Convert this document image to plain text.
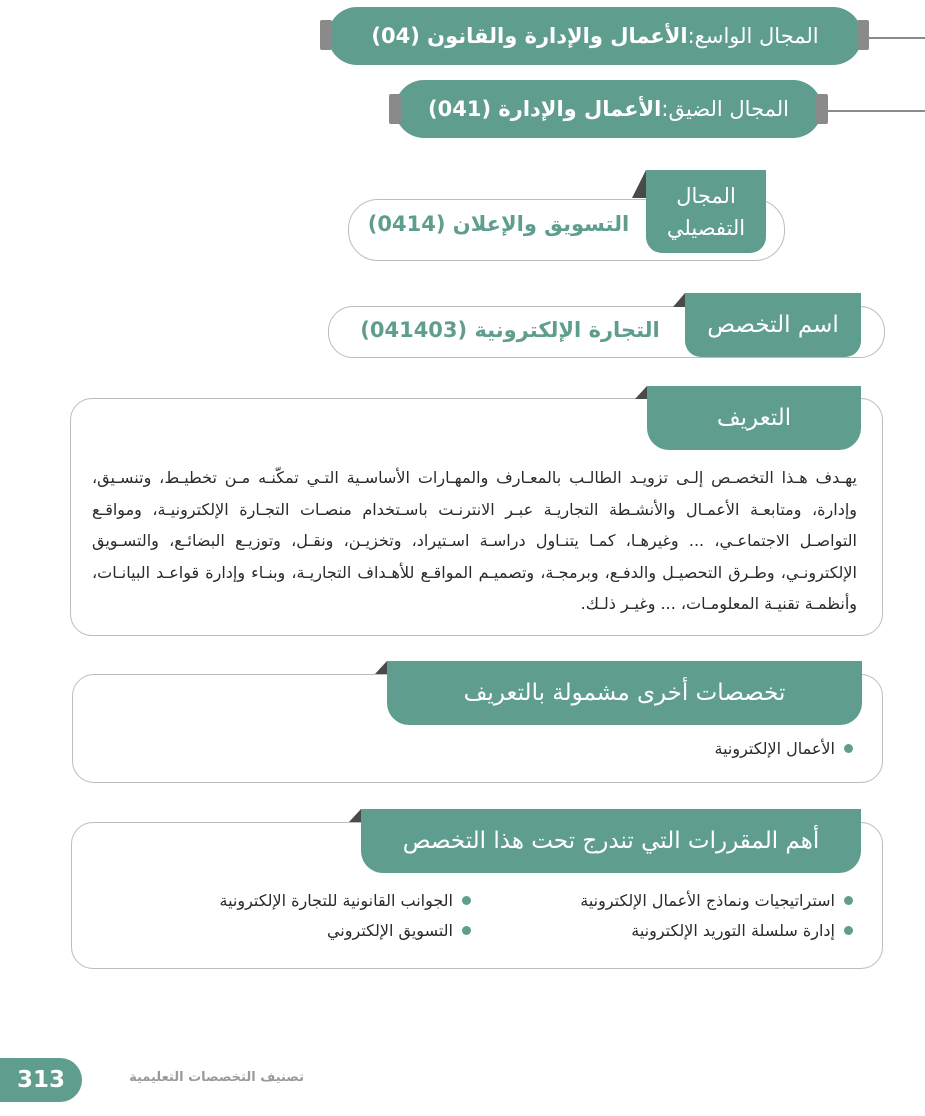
المجال الواسع:
الأعمال والإدارة والقانون (04)
المجال الضيق:
الأعمال والإدارة (041)
المجال
التفصيلي
التسويق والإعلان (0414)
اسم التخصص
التجارة الإلكترونية (041403)
التعريف
يهـدف هـذا التخصـص إلـى تزويـد الطالـب بالمعـارف والمهـارات الأساسـية التـي تمكّنـه مـن تخطيـط، وتنسـيق، وإدارة، ومتابعـة الأعمـال والأنشـطة التجاريـة عبـر الانترنـت باسـتخدام منصـات التجـارة الإلكترونيـة، ومواقـع التواصـل الاجتماعـي، ... وغيرهـا، كمـا يتنـاول دراسـة اسـتيراد، وتخزيـن، ونقـل، وتوزيـع البضائـع، والتسـويق الإلكترونـي، وطـرق التحصيـل والدفـع، وبرمجـة، وتصميـم المواقـع للأهـداف التجاريـة، وبنـاء وإدارة قواعـد البيانـات، وأنظمـة تقنيـة المعلومـات، ... وغيـر ذلـك.
تخصصات أخرى مشمولة بالتعريف
الأعمال الإلكترونية
أهم المقررات التي تندرج تحت هذا التخصص
استراتيجيات ونماذج الأعمال الإلكترونية
إدارة سلسلة التوريد الإلكترونية
الجوانب القانونية للتجارة الإلكترونية
التسويق الإلكتروني
313	تصنيف التخصصات التعليمية
